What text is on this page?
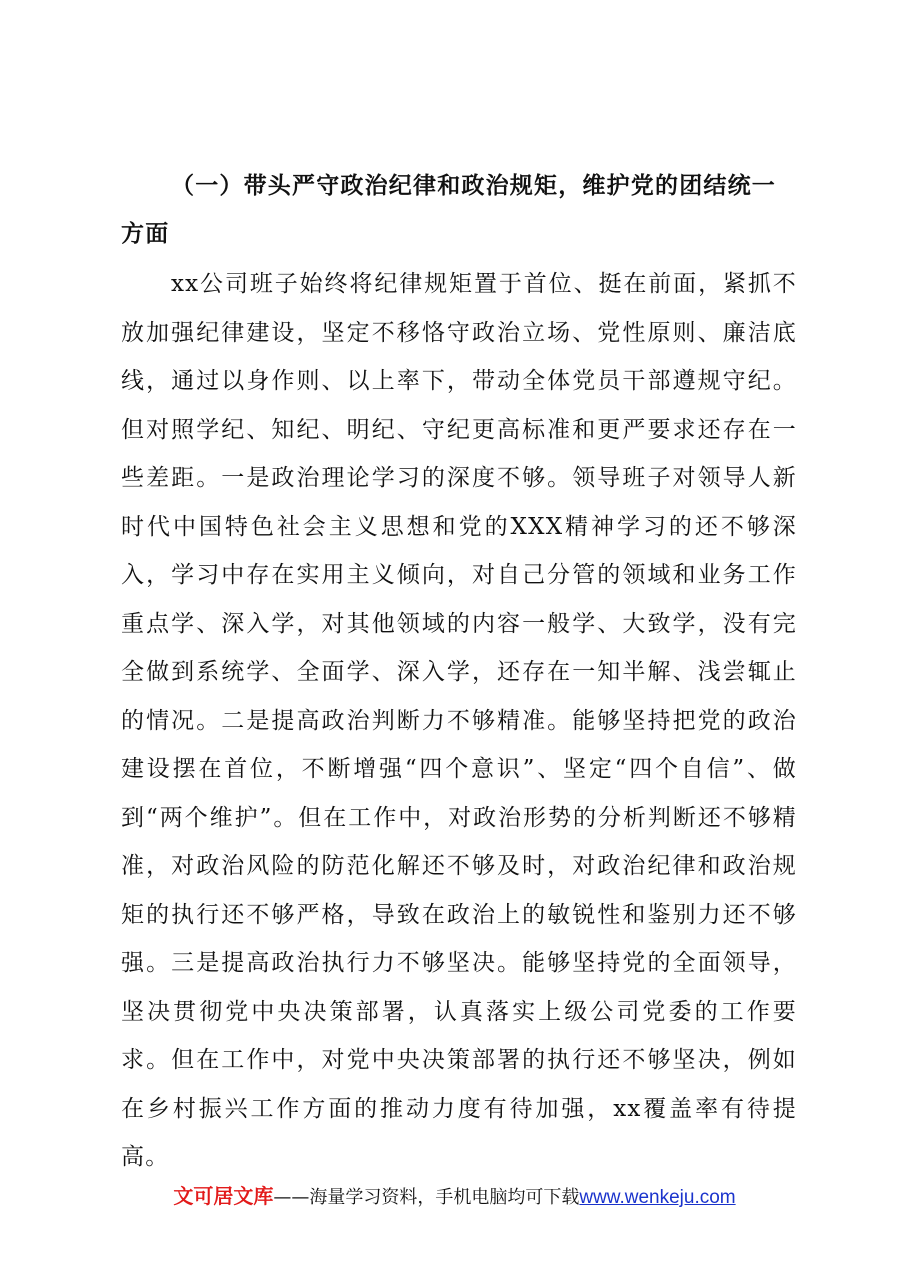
（一）带头严守政治纪律和政治规矩，维护党的团结统一方面

xx公司班子始终将纪律规矩置于首位、挺在前面，紧抓不放加强纪律建设，坚定不移恪守政治立场、党性原则、廉洁底线，通过以身作则、以上率下，带动全体党员干部遵规守纪。但对照学纪、知纪、明纪、守纪更高标准和更严要求还存在一些差距。一是政治理论学习的深度不够。领导班子对领导人新时代中国特色社会主义思想和党的XXX精神学习的还不够深入，学习中存在实用主义倾向，对自己分管的领域和业务工作重点学、深入学，对其他领域的内容一般学、大致学，没有完全做到系统学、全面学、深入学，还存在一知半解、浅尝辄止的情况。二是提高政治判断力不够精准。能够坚持把党的政治建设摆在首位，不断增强“四个意识”、坚定“四个自信”、做到“两个维护”。但在工作中，对政治形势的分析判断还不够精准，对政治风险的防范化解还不够及时，对政治纪律和政治规矩的执行还不够严格，导致在政治上的敏锐性和鉴别力还不够强。三是提高政治执行力不够坚决。能够坚持党的全面领导，坚决贯彻党中央决策部署，认真落实上级公司党委的工作要求。但在工作中，对党中央决策部署的执行还不够坚决，例如在乡村振兴工作方面的推动力度有待加强，xx覆盖率有待提高。

文可居文库——海量学习资料，手机电脑均可下载www.wenkeju.com
